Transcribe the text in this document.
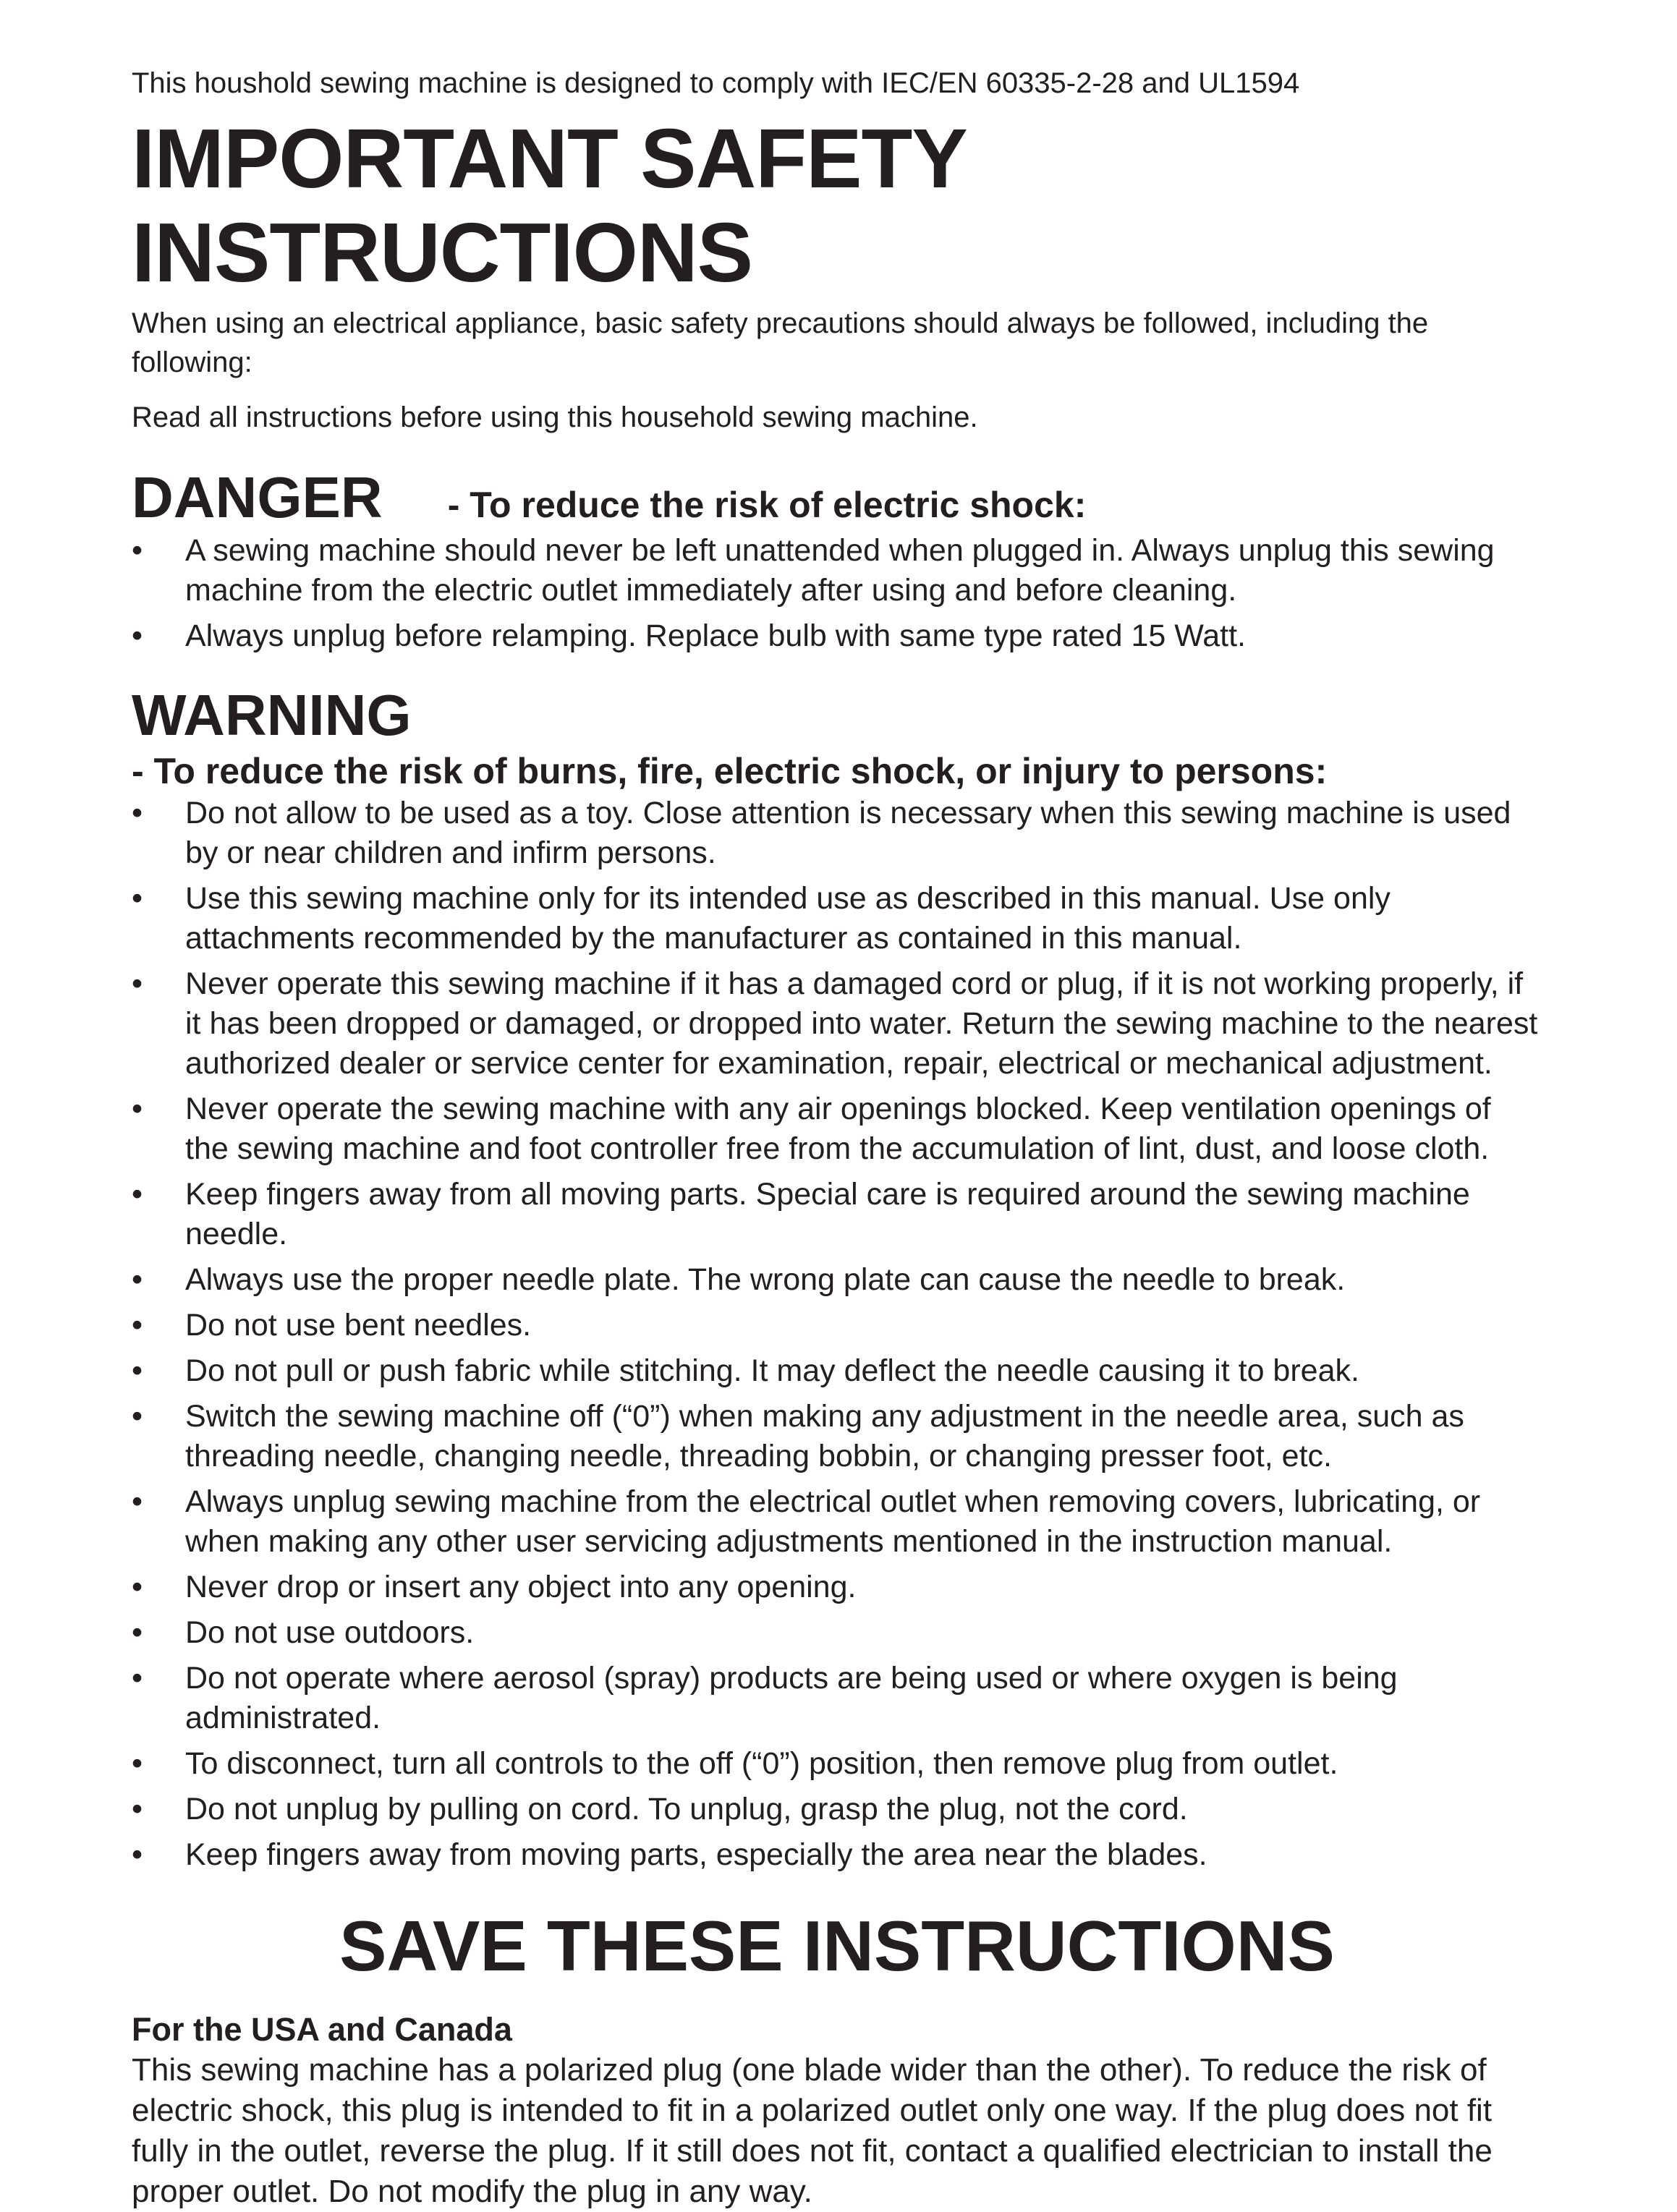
This houshold sewing machine is designed to comply with IEC/EN 60335-2-28 and UL1594

IMPORTANT SAFETY INSTRUCTIONS

When using an electrical appliance, basic safety precautions should always be followed, including the following:

Read all instructions before using this household sewing machine.

DANGER - To reduce the risk of electric shock:
• A sewing machine should never be left unattended when plugged in. Always unplug this sewing machine from the electric outlet immediately after using and before cleaning.
• Always unplug before relamping. Replace bulb with same type rated 15 Watt.
WARNING
- To reduce the risk of burns, fire, electric shock, or injury to persons:
• Do not allow to be used as a toy. Close attention is necessary when this sewing machine is used by or near children and infirm persons.
• Use this sewing machine only for its intended use as described in this manual. Use only attachments recommended by the manufacturer as contained in this manual.
• Never operate this sewing machine if it has a damaged cord or plug, if it is not working properly, if it has been dropped or damaged, or dropped into water. Return the sewing machine to the nearest authorized dealer or service center for examination, repair, electrical or mechanical adjustment.
• Never operate the sewing machine with any air openings blocked. Keep ventilation openings of the sewing machine and foot controller free from the accumulation of lint, dust, and loose cloth.
• Keep fingers away from all moving parts. Special care is required around the sewing machine needle.
• Always use the proper needle plate. The wrong plate can cause the needle to break.
• Do not use bent needles.
• Do not pull or push fabric while stitching. It may deflect the needle causing it to break.
• Switch the sewing machine off (“0”) when making any adjustment in the needle area, such as threading needle, changing needle, threading bobbin, or changing presser foot, etc.
• Always unplug sewing machine from the electrical outlet when removing covers, lubricating, or when making any other user servicing adjustments mentioned in the instruction manual.
• Never drop or insert any object into any opening.
• Do not use outdoors.
• Do not operate where aerosol (spray) products are being used or where oxygen is being administrated.
• To disconnect, turn all controls to the off (“0”) position, then remove plug from outlet.
• Do not unplug by pulling on cord. To unplug, grasp the plug, not the cord.
• Keep fingers away from moving parts, especially the area near the blades.
SAVE THESE INSTRUCTIONS
For the USA and Canada

This sewing machine has a polarized plug (one blade wider than the other). To reduce the risk of electric shock, this plug is intended to fit in a polarized outlet only one way. If the plug does not fit fully in the outlet, reverse the plug. If it still does not fit, contact a qualified electrician to install the proper outlet. Do not modify the plug in any way.
